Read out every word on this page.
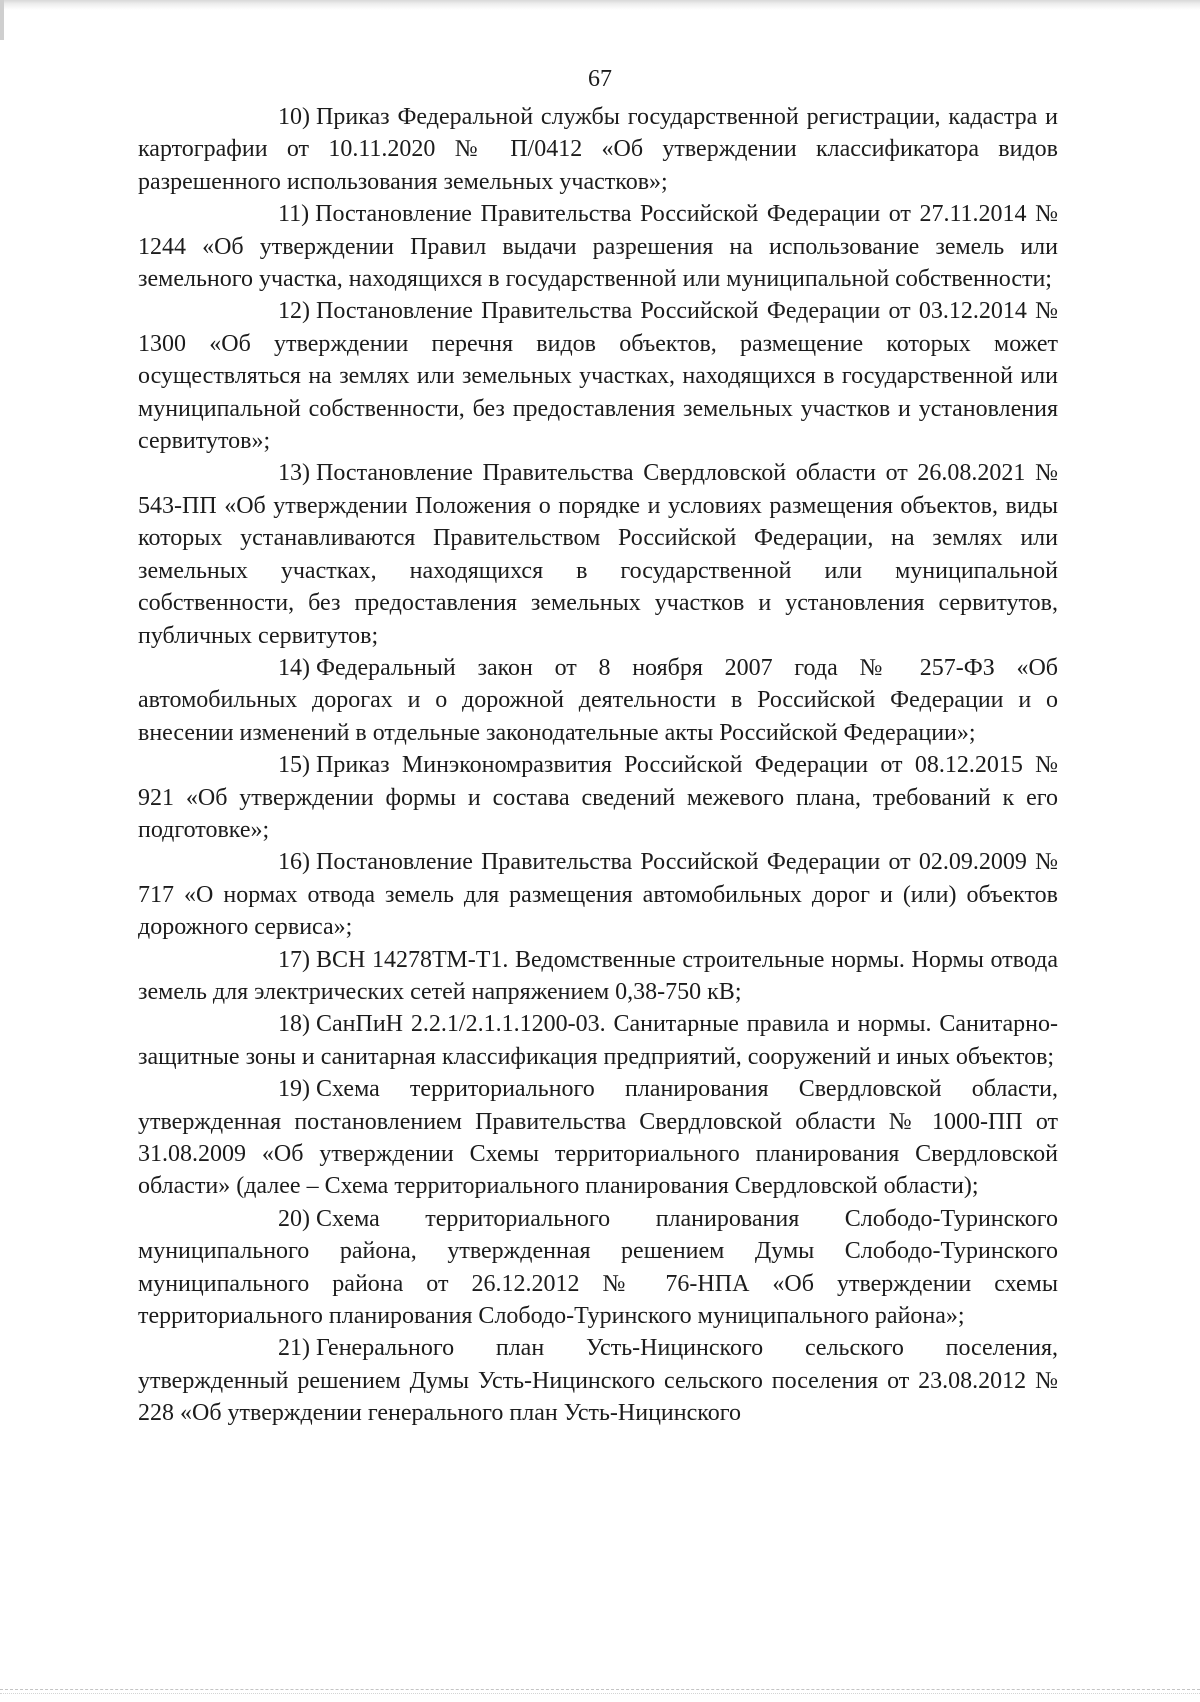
67

10) Приказ Федеральной службы государственной регистрации, кадастра и картографии от 10.11.2020 № П/0412 «Об утверждении классификатора видов разрешенного использования земельных участков»;

11) Постановление Правительства Российской Федерации от 27.11.2014 № 1244 «Об утверждении Правил выдачи разрешения на использование земель или земельного участка, находящихся в государственной или муниципальной собственности;

12) Постановление Правительства Российской Федерации от 03.12.2014 № 1300 «Об утверждении перечня видов объектов, размещение которых может осуществляться на землях или земельных участках, находящихся в государственной или муниципальной собственности, без предоставления земельных участков и установления сервитутов»;

13) Постановление Правительства Свердловской области от 26.08.2021 № 543-ПП «Об утверждении Положения о порядке и условиях размещения объектов, виды которых устанавливаются Правительством Российской Федерации, на землях или земельных участках, находящихся в государственной или муниципальной собственности, без предоставления земельных участков и установления сервитутов, публичных сервитутов;

14) Федеральный закон от 8 ноября 2007 года № 257-ФЗ «Об автомобильных дорогах и о дорожной деятельности в Российской Федерации и о внесении изменений в отдельные законодательные акты Российской Федерации»;

15) Приказ Минэкономразвития Российской Федерации от 08.12.2015 № 921 «Об утверждении формы и состава сведений межевого плана, требований к его подготовке»;

16) Постановление Правительства Российской Федерации от 02.09.2009 № 717 «О нормах отвода земель для размещения автомобильных дорог и (или) объектов дорожного сервиса»;

17) ВСН 14278ТМ-Т1. Ведомственные строительные нормы. Нормы отвода земель для электрических сетей напряжением 0,38-750 кВ;

18) СанПиН 2.2.1/2.1.1.1200-03. Санитарные правила и нормы. Санитарно-защитные зоны и санитарная классификация предприятий, сооружений и иных объектов;

19) Схема территориального планирования Свердловской области, утвержденная постановлением Правительства Свердловской области № 1000-ПП от 31.08.2009 «Об утверждении Схемы территориального планирования Свердловской области» (далее – Схема территориального планирования Свердловской области);

20) Схема территориального планирования Слободо-Туринского муниципального района, утвержденная решением Думы Слободо-Туринского муниципального района от 26.12.2012 № 76-НПА «Об утверждении схемы территориального планирования Слободо-Туринского муниципального района»;

21) Генерального план Усть-Ницинского сельского поселения, утвержденный решением Думы Усть-Ницинского сельского поселения от 23.08.2012 № 228 «Об утверждении генерального план Усть-Ницинского
